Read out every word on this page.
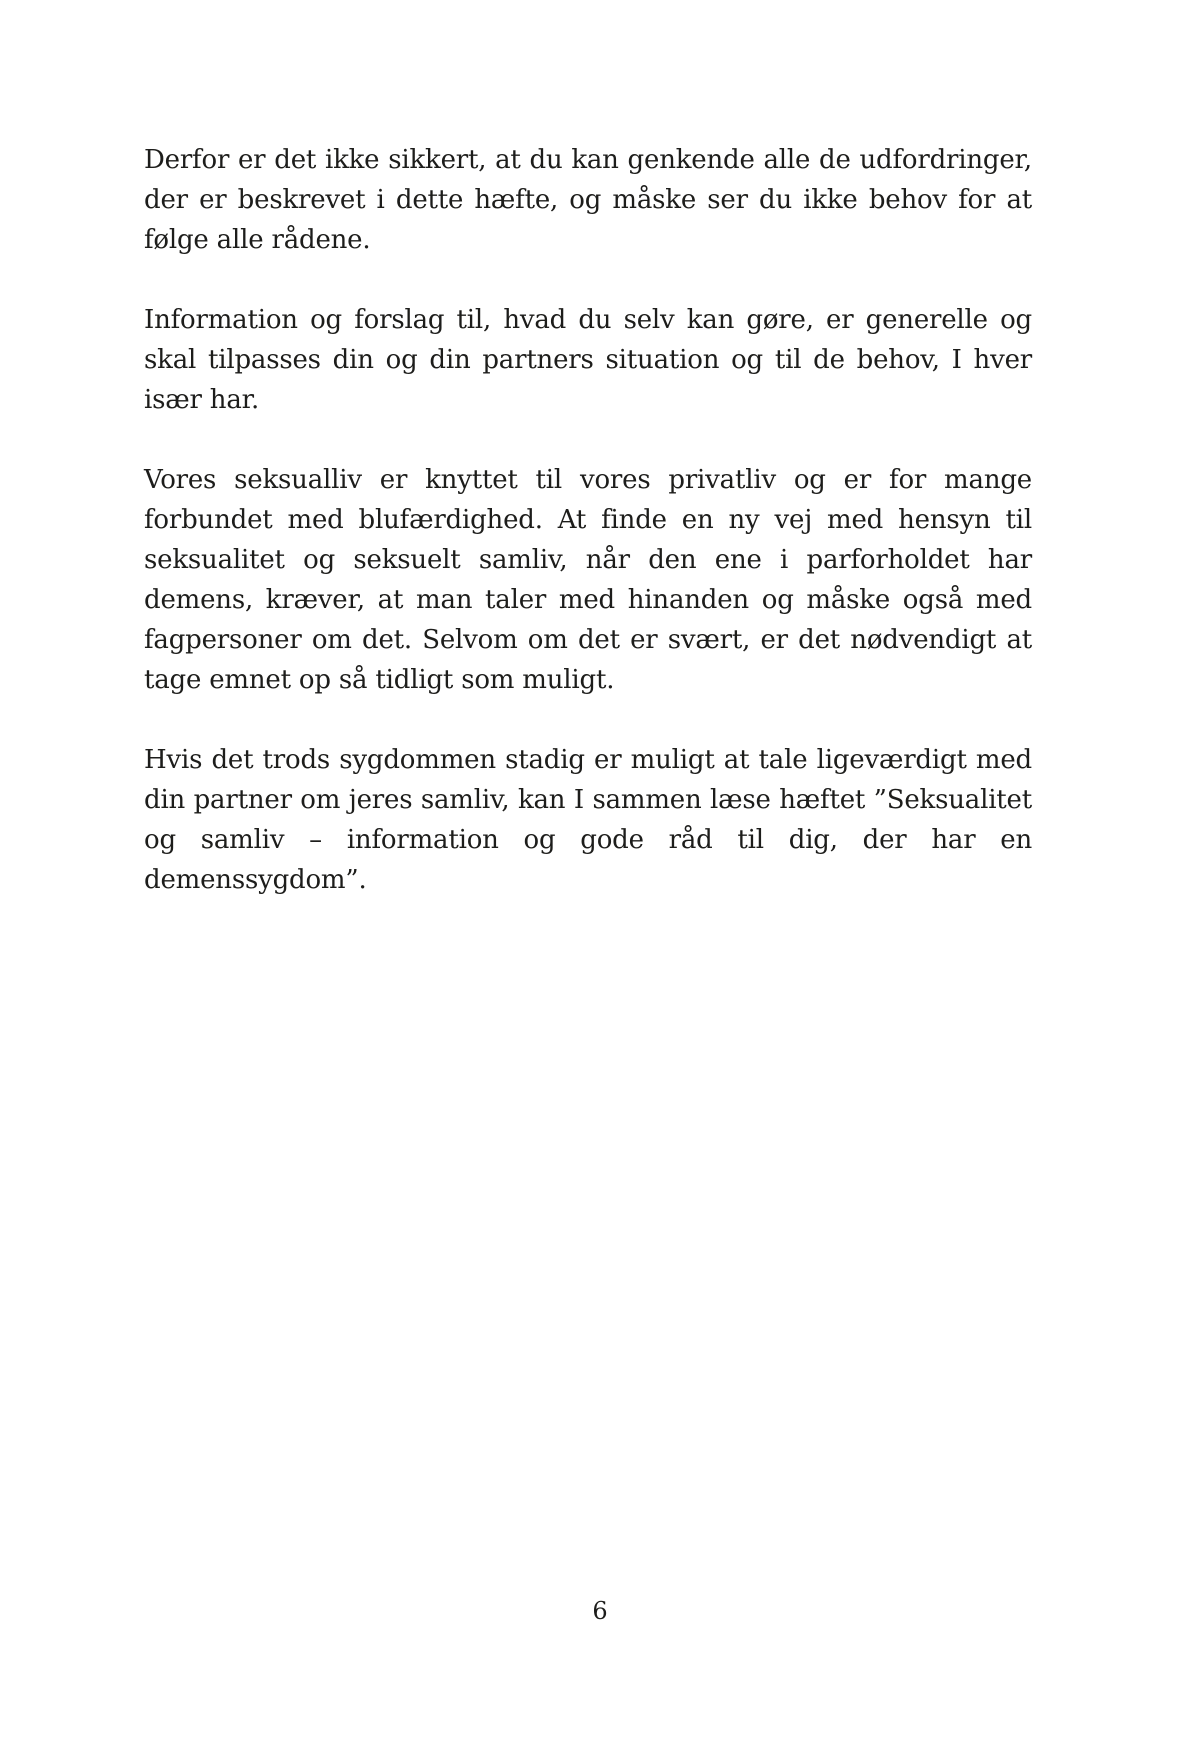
Derfor er det ikke sikkert, at du kan genkende alle de udfordringer, der er beskrevet i dette hæfte, og måske ser du ikke behov for at følge alle rådene.

Information og forslag til, hvad du selv kan gøre, er generelle og skal tilpasses din og din partners situation og til de behov, I hver især har.

Vores seksualliv er knyttet til vores privatliv og er for mange forbundet med blufærdighed. At finde en ny vej med hensyn til seksualitet og seksuelt samliv, når den ene i parforholdet har demens, kræver, at man taler med hinanden og måske også med fagpersoner om det. Selvom om det er svært, er det nødvendigt at tage emnet op så tidligt som muligt.

Hvis det trods sygdommen stadig er muligt at tale ligeværdigt med din partner om jeres samliv, kan I sammen læse hæftet ”Seksualitet og samliv – information og gode råd til dig, der har en demenssygdom”.

6
